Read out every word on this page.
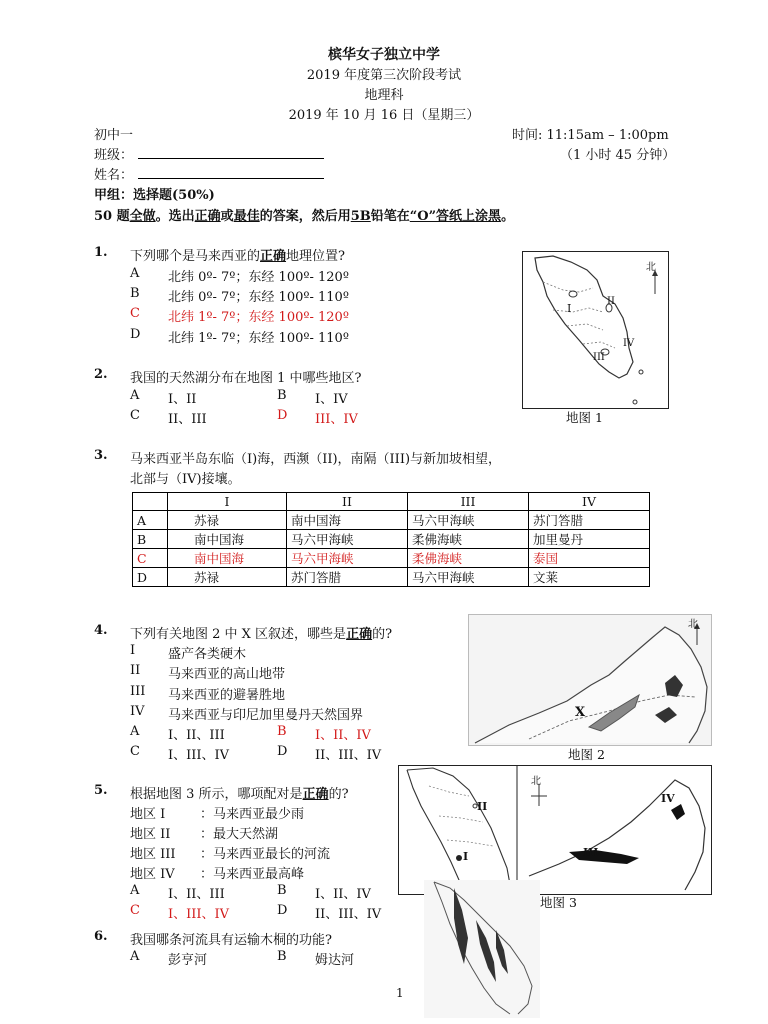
槟华女子独立中学
2019 年度第三次阶段考试
地理科
2019 年 10 月 16 日（星期三）
初中一	时间: 11:15am – 1:00pm
（1 小时 45 分钟）
班级：
姓名：
甲组：选择题(50%)
50 题全做。选出正确或最佳的答案，然后用5B铅笔在“O”答纸上涂黑。
1. 下列哪个是马来西亚的正确地理位置?
A 北纬 0º- 7º；东经 100º- 120º
B 北纬 0º- 7º；东经 100º- 110º
C 北纬 1º- 7º；东经 100º- 120º
D 北纬 1º- 7º；东经 100º- 110º
北
I
II
III
IV
地图 1
2. 我国的天然湖分布在地图 1 中哪些地区?
A I、II	B I、IV
C II、III	D III、IV
3. 马来西亚半岛东临（I)海，西濒（II)，南隔（III)与新加坡相望，
北部与（IV)接壤。
	I	II	III	IV
A	苏禄	南中国海	马六甲海峡	苏门答腊
B	南中国海	马六甲海峡	柔佛海峡	加里曼丹
C	南中国海	马六甲海峡	柔佛海峡	泰国
D	苏禄	苏门答腊	马六甲海峡	文莱
4. 下列有关地图 2 中 X 区叙述，哪些是正确的?
I	盛产各类硬木
II 马来西亚的高山地带
III 马来西亚的避暑胜地
IV 马来西亚与印尼加里曼丹天然国界
A I、II、III	B I、II、IV
C I、III、IV	D II、III、IV
北
X
地图 2
5. 根据地图 3 所示，哪项配对是正确的?
地区 I	：马来西亚最少雨
地区 II ：最大天然湖
地区 III ：马来西亚最长的河流
地区 IV ：马来西亚最高峰
A I、II、III	B I、II、IV
C I、III、IV	D II、III、IV
北
I
II
III
IV
地图 3
6. 我国哪条河流具有运输木桐的功能?
A 彭亨河	B 姆达河
1
